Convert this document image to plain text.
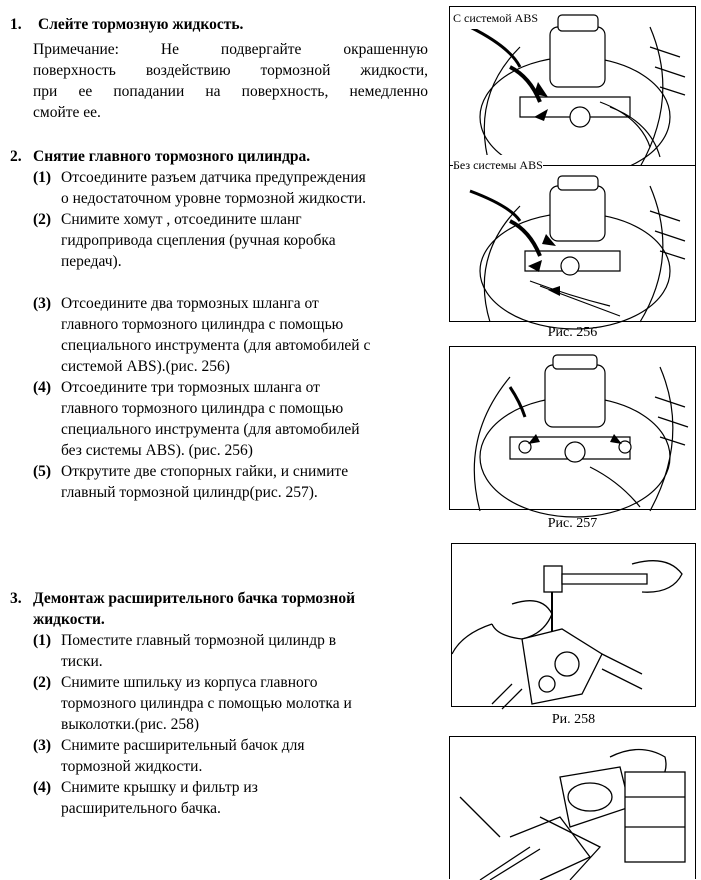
1. Слейте тормозную жидкость.
Примечание: Не подвергайте окрашенную
поверхность воздействию тормозной жидкости,
при ее попадании на поверхность, немедленно
смойте ее.
2. Снятие главного тормозного цилиндра.
(1) Отсоедините разъем датчика предупреждения
о недостаточном уровне тормозной жидкости.
(2) Снимите хомут , отсоедините шланг
гидропривода сцепления (ручная коробка
передач).
(3) Отсоедините два тормозных шланга от
главного тормозного цилиндра с помощью
специального инструмента (для автомобилей с
системой ABS).(рис. 256)
(4) Отсоедините три тормозных шланга от
главного тормозного цилиндра с помощью
специального инструмента (для автомобилей
без системы ABS). (рис. 256)
(5) Открутите две стопорных гайки, и снимите
главный тормозной цилиндр(рис. 257).
3. Демонтаж расширительного бачка тормозной
жидкости.
(1) Поместите главный тормозной цилиндр в
тиски.
(2) Снимите шпильку из корпуса главного
тормозного цилиндра с помощью молотка и
выколотки.(рис. 258)
(3) Снимите расширительный бачок для
тормозной жидкости.
(4) Снимите крышку и фильтр из
расширительного бачка.
С системой ABS
Без системы ABS
Рис. 256
Рис. 257
Ри. 258
